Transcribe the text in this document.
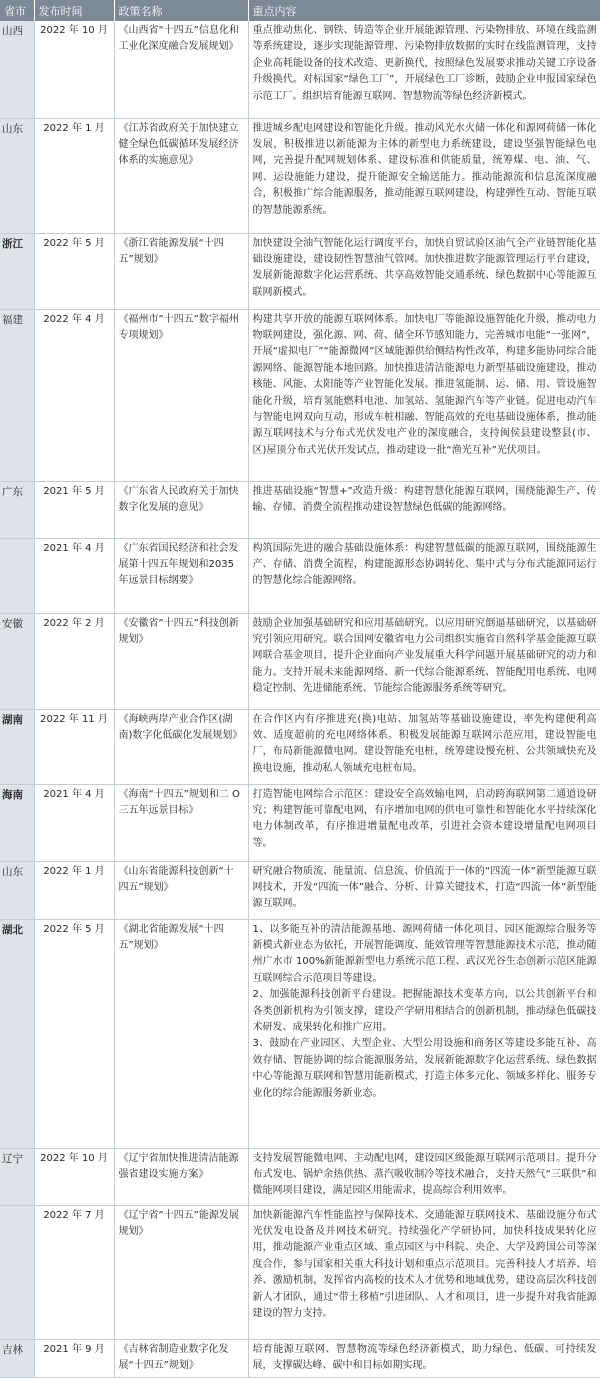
省市	发布时间	政策名称	重点内容
山西	2022 年 10 月	《山西省“十四五”信息化和工业化深度融合发展规划》	重点推动焦化、钢铁、铸造等企业开展能源管理、污染物排放、环境在线监测等系统建设，逐步实现能源管理、污染物排放数据的实时在线监测管理，支持企业高耗能设备的技术改造、更新换代，按照绿色发展要求推动关键工序设备升级换代。对标国家“绿色工厂”，开展绿色工厂诊断，鼓励企业申报国家绿色示范工厂。组织培育能源互联网、智慧物流等绿色经济新模式。

山东	2022 年 1 月	《江苏省政府关于加快建立健全绿色低碳循环发展经济体系的实施意见》	推进城乡配电网建设和智能化升级。推动风光水火储一体化和源网荷储一体化发展，积极推进以新能源为主体的新型电力系统建设，建设坚强智能绿色电网，完善提升配网规划体系、建设标准和供能质量，统筹煤、电、油、气、网、运设施能力建设，提升能源安全输送能力。推动能源流和信息流深度融合，积极推广综合能源服务，推动能源互联网建设，构建弹性互动、智能互联的智慧能源系统。

浙江	2022 年 5 月	《浙江省能源发展“十四五”规划》	加快建设全油气智能化运行调度平台，加快自贸试验区油气全产业链智能化基础设施建设，建设韧性智慧油气管网。加快推进数字能源管理运行平台建设，发展新能源数字化运营系统、共享高效智能交通系统、绿色数据中心等能源互联网新模式。

福建	2022 年 4 月	《福州市“十四五”数字福州专项规划》	构建共享开放的能源互联网体系。加快电厂等能源设施智能化升级，推动电力物联网建设，强化源、网、荷、储全环节感知能力，完善城市电能“一张网”，开展“虚拟电厂”“能源微网”区域能源供给侧结构性改革，构建多能协同综合能源网络、能源智能本地回路。加快推进清洁能源电力新型基础设施建设，推动核能、风能、太阳能等产业智能化发展。推进氢能制、运、储、用、管设施智能化升级，培育氢能燃料电池、加氢站、氢能源汽车等产业链。促进电动汽车与智能电网双向互动，形成车桩相融、智能高效的充电基础设施体系，推动能源互联网技术与分布式光伏发电产业的深度融合，支持闽侯县建设整县(市、区)屋顶分布式光伏开发试点，推动建设一批“渔光互补”光伏项目。

广东	2021 年 5 月	《广东省人民政府关于加快数字化发展的意见》	推进基础设施“智慧+”改造升级：构建智慧化能源互联网，围绕能源生产、传输、存储、消费全流程推动建设智慧绿色低碳的能源网络。

	2021 年 4 月	《广东省国民经济和社会发展第十四五年规划和2035年远景目标纲要》	构筑国际先进的融合基础设施体系：构建智慧低碳的能源互联网，围绕能源生产、存储、消费全流程，构建能源形态协调转化、集中式与分布式能源同运行的智慧化综合能源网络。

安徽	2022 年 2 月	《安徽省“十四五”科技创新规划》	鼓励企业加强基础研究和应用基础研究。以应用研究倒逼基础研究，以基础研究引领应用研究。联合国网安徽省电力公司组织实施省自然科学基金能源互联网联合基金项目，提升企业面向产业发展重大科学问题开展基础研究的动力和能力。支持开展未来能源网络、新一代综合能源系统、智能配用电系统、电网稳定控制、先进储能系统、节能综合能源服务系统等研究。

湖南	2022 年 11 月	《海峡两岸产业合作区(湖南)数字化低碳化发展规划》	在合作区内有序推进充(换)电站、加氢站等基础设施建设，率先构建便利高效、适度超前的充电网络体系。积极发展能源互联网示范应用，建设智能电厂，布局新能源微电网。建设智能充电桩，统筹建设慢充桩、公共领域快充及换电设施，推动私人领域充电桩布局。

海南	2021 年 4 月	《海南“十四五”规划和二 O 三五年远景目标》	打造智能电网综合示范区：建设安全高效输电网，启动跨海联网第二通道设研究；构建智能可靠配电网，有序增加电网的供电可靠性和智能化水平持续深化电力体制改革，有序推进增量配电改革，引进社会资本建设增量配电网项目等。

山东	2022 年 1 月	《山东省能源科技创新“十四五”规划》	研究融合物质流、能量流、信息流、价值流于一体的“四流一体”新型能源互联网技术，开发“四流一体”融合、分析、计算关键技术，打造“四流一体”新型能源互联网。

湖北	2022 年 5 月	《湖北省能源发展“十四五”规划》	1、以多能互补的清洁能源基地、源网荷储一体化项目、园区能源综合服务等新模式新业态为依托，开展智能调度、能效管理等智慧能源技术示范，推动随州广水市 100%新能源新型电力系统示范工程、武汉光谷生态创新示范区能源互联网综合示范项目等建设。
2、加强能源科技创新平台建设。把握能源技术变革方向，以公共创新平台和各类创新机构为引领支撑，建设产学研用相结合的创新机制，推动绿色低碳技术研发、成果转化和推广应用。
3、鼓励在产业园区、大型企业、大型公用设施和商务区等建设多能互补、高效存储、智能协调的综合能源服务站，发展新能源数字化运营系统、绿色数据中心等能源互联网和智慧用能新模式，打造主体多元化、领域多样化、服务专业化的综合能源服务新业态。

辽宁	2022 年 10 月	《辽宁省加快推进清洁能源强省建设实施方案》	支持发展智能微电网、主动配电网，建设园区级能源互联网示范项目。提升分布式发电、锅炉余热供热、蒸汽吸收制冷等技术融合，支持天然气“三联供”和微能网项目建设，满足园区用能需求，提高综合利用效率。

	2022 年 7 月	《辽宁省“十四五”能源发展规划》	加快新能源汽车性能监控与保障技术、交通能源互联网技术、基础设施分布式光伏发电设备及并网技术研究。持续强化产学研协同，加快科技成果转化应用，推动能源产业重点区域、重点园区与中科院、央企、大学及跨国公司等深度合作，参与国家相关重大科技计划和重点示范项目。完善科技人才培养、培养、激励机制，发挥省内高校的技术人才优势和地域优势，建设高层次科技创新人才团队，通过“带土移植”引进团队、人才和项目，进一步提升对我省能源建设的智力支持。

吉林	2021 年 9 月	《吉林省制造业数字化发展“十四五”规划》	培育能源互联网、智慧物流等绿色经济新模式，助力绿色、低碳、可持续发展，支撑碳达峰、碳中和目标如期实现。
